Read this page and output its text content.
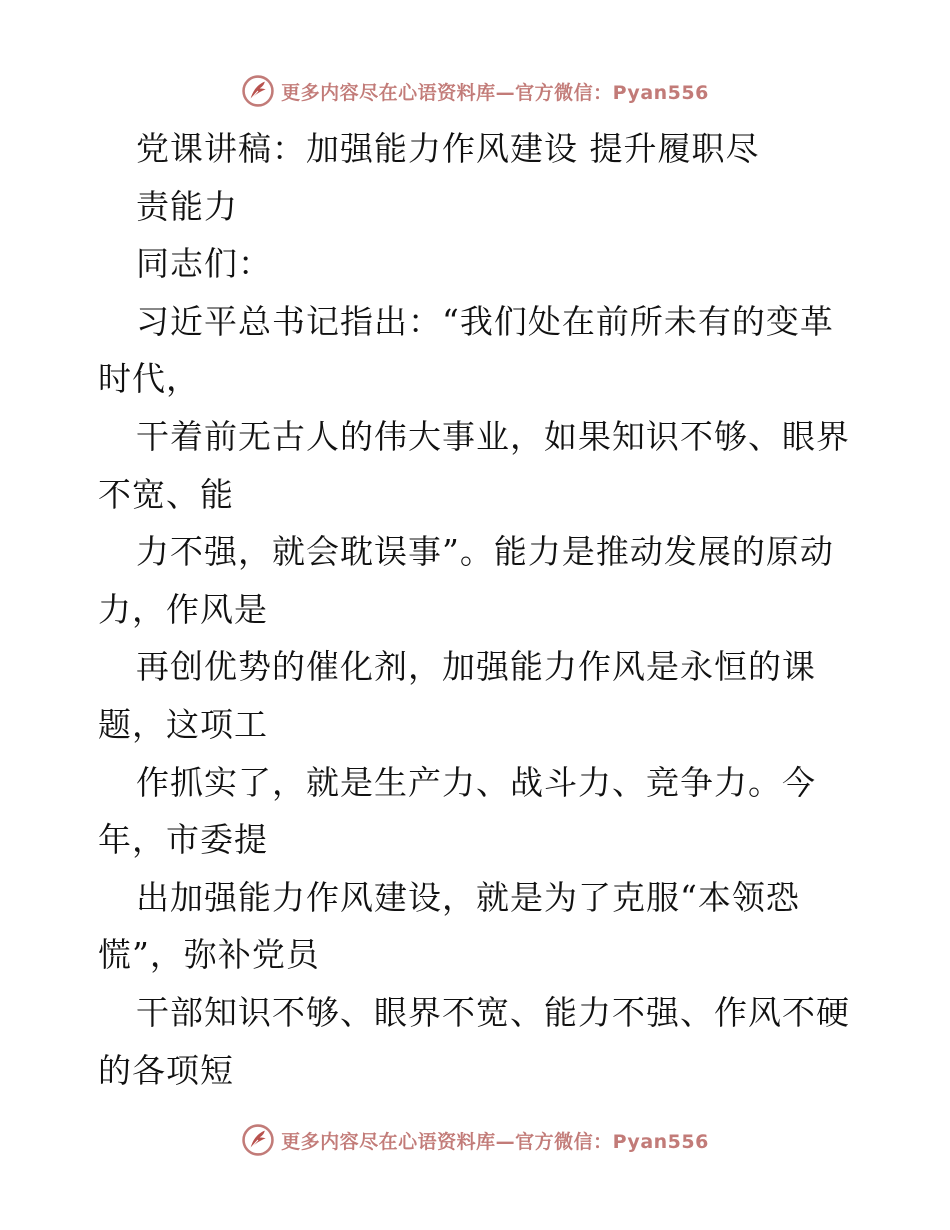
更多内容尽在心语资料库—官方微信：Pyan556
党课讲稿：加强能力作风建设 提升履职尽
责能力
同志们：
习近平总书记指出：“我们处在前所未有的变革
时代，
干着前无古人的伟大事业，如果知识不够、眼界
不宽、能
力不强，就会耽误事”。能力是推动发展的原动
力，作风是
再创优势的催化剂，加强能力作风是永恒的课
题，这项工
作抓实了，就是生产力、战斗力、竞争力。今
年，市委提
出加强能力作风建设，就是为了克服“本领恐
慌”，弥补党员
干部知识不够、眼界不宽、能力不强、作风不硬
的各项短
更多内容尽在心语资料库—官方微信：Pyan556
